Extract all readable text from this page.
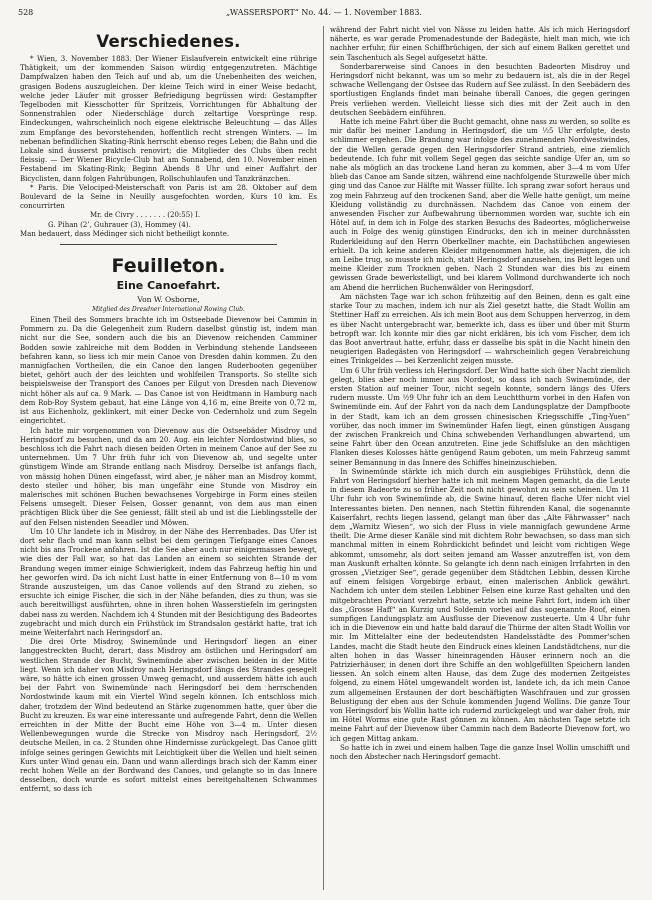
528	„WASSERSPORT“ No. 44. — 1. November 1883.
Verschiedenes.

* Wien, 3. November 1883. Der Wiener Eislaufverein entwickelt eine rührige Thätigkeit, um der kommenden Saison würdig entgegenzutreten. Mächtige Dampfwalzen haben den Teich auf und ab, um die Unebenheiten des weichen, grasigen Bodens auszugleichen. Der kleine Teich wird in einer Weise bedacht, welche jeder Läufer mit grosser Befriedigung begrüssen wird: Gestampfter Tegelboden mit Kiesschotter für Spritzeis, Vorrichtungen für Abhaltung der Sonnenstrahlen oder Niederschläge durch zeltartige Vorsprünge resp. Eindeckungen, wahrscheinlich noch eigene elektrische Beleuchtung — das Alles zum Empfange des bevorstehenden, hoffentlich recht strengen Winters. — Im nebenan befindlichen Skating-Rink herrscht ebenso reges Leben; die Bahn und die Lokale sind äusserst praktisch renovirt; die Mitglieder des Clubs üben recht fleissig. — Der Wiener Bicycle-Club hat am Sonnabend, den 10. November einen Festabend im Skating-Rink; Beginn Abends 8 Uhr und einer Auffahrt der Bicyclisten, dann folgen Fahrübungen, Rollschuhlaufen und Tanzkränzchen.

* Paris. Die Velociped-Meisterschaft von Paris ist am 28. Oktober auf dem Boulevard de la Seine in Neuilly ausgefochten worden, Kurs 10 km. Es concurrirten

Mr. de Civry . . . . . . . (20:55) I.
G. Pihan (2’, Guhrauer (3), Hommey (4).

Man bedauert, dass Médinger sich nicht betheiligt konnte.

Feuilleton.
Eine Canoefahrt.
Von W. Osborne,
Mitglied des Dresdner International Rowing Club.

Einen Theil des Sommers brachte ich im Ostseebade Dievenow bei Cammin in Pommern zu. Da die Gelegenheit zum Rudern daselbst günstig ist, indem man nicht nur die See, sondern auch die bis an Dievenow reichenden Camminer Bodden sowie zahlreiche mit dem Bodden in Verbindung stehende Landseeen befahren kann, so liess ich mir mein Canoe von Dresden dahin kommen. Zu den mannigfachen Vortheilen, die ein Canoe den langen Ruderbooten gegenüber bietet, gehört auch der des leichten und wohlfeilen Transports. So stellte sich beispielsweise der Transport des Canoes per Eilgut von Dresden nach Dievenow nicht höher als auf ca. 9 Mark. — Das Canoe ist von Heidtmann in Hamburg nach dem Rob-Roy System gebaut, hat eine Länge von 4,16 m, eine Breite von 0,72 m, ist aus Eichenholz, geklinkert, mit einer Decke von Cedernholz und zum Segeln eingerichtet.

Ich hatte mir vorgenommen von Dievenow aus die Ostseebäder Misdroy und Heringsdorf zu besuchen, und da am 20. Aug. ein leichter Nordostwind blies, so beschloss ich die Fahrt nach diesen beiden Orten in meinem Canoe auf der See zu unternehmen. Um 7 Uhr früh fuhr ich von Dievenow ab, und segelte unter günstigem Winde am Strande entlang nach Misdroy. Derselbe ist anfangs flach, von mässig hohen Dünen eingefasst, wird aber, je näher man an Misdroy kommt, desto steiler und höher, bis man ungefähr eine Stunde von Misdroy ein malerisches mit schönen Buchen bewachsenes Vorgebirge in Form eines steilen Felsens umsegelt. Dieser Felsen, Gosser genannt, von dem aus man einen prächtigen Blick über die See geniesst, fällt steil ab und ist die Lieblingsstelle der auf den Felsen nistenden Seeadler und Möwen.

Um 10 Uhr landete ich in Misdroy, in der Nähe des Herrenbades. Das Ufer ist dort sehr flach und man kann selbst bei dem geringen Tiefgange eines Canoes nicht bis ans Trockene anfahren. Ist die See aber auch nur einigermassen bewegt, wie dies der Fall war, so hat das Landen an einem so seichten Strande der Brandung wegen immer einige Schwierigkeit, indem das Fahrzeug heftig hin und her geworfen wird. Da ich nicht Lust hatte in einer Entfernung von 8—10 m vom Strande auszusteigen, um das Canoe vollends auf den Strand zu ziehen, so ersuchte ich einige Fischer, die sich in der Nähe befanden, dies zu thun, was sie auch bereitwilligst ausführten, ohne in ihren hohen Wasserstiefeln im geringsten dabei nass zu werden. Nachdem ich 4 Stunden mit der Besichtigung des Badeortes zugebracht und mich durch ein Frühstück im Strandsalon gestärkt hatte, trat ich meine Weiterfahrt nach Heringsdorf an.

Die drei Orte Misdroy, Swinemünde und Heringsdorf liegen an einer langgestreckten Bucht, derart, dass Misdroy am östlichen und Heringsdorf am westlichen Strande der Bucht, Swinemünde aber zwischen beiden in der Mitte liegt. Wenn ich daher von Misdroy nach Heringsdorf längs des Strandes gesegelt wäre, so hätte ich einen grossen Umweg gemacht, und ausserdem hätte ich auch bei der Fahrt von Swinemünde nach Heringsdorf bei dem herrschenden Nordostwinde kaum mit ein Viertel Wind segeln können. Ich entschloss mich daher, trotzdem der Wind bedeutend an Stärke zugenommen hatte, quer über die Bucht zu kreuzen. Es war eine interessante und aufregende Fahrt, denn die Wellen erreichten in der Mitte der Bucht eine Höhe von 3—4 m. Unter diesen Wellenbewegungen wurde die Strecke von Misdroy nach Heringsdorf, 2½ deutsche Meilen, in ca. 2 Stunden ohne Hindernisse zurückgelegt. Das Canoe glitt infolge seines geringen Gewichts mit Leichtigkeit über die Wellen und hielt seinen Kurs unter Wind genau ein. Dann und wann allerdings brach sich der Kamm einer recht hohen Welle an der Bordwand des Canoes, und gelangte so in das Innere desselben, doch wurde es sofort mittelst eines bereitgehaltenen Schwammes entfernt, so dass ich

während der Fahrt nicht viel von Nässe zu leiden hatte. Als ich mich Heringsdorf näherte, es war gerade Promenadestunde der Badegäste, hielt man mich, wie ich nachher erfuhr, für einen Schiffbrüchigen, der sich auf einem Balken gerettet und sein Taschentuch als Segel aufgesetzt hätte.

Sonderbarerweise sind Canoes in den besuchten Badeorten Misdroy und Heringsdorf nicht bekannt, was um so mehr zu bedauern ist, als die in der Regel schwache Wellengang der Ostsee das Rudern auf See zulässt. In den Seebädern des sportlustigen Englands findet man beinahe überall Canoes, die gegen geringen Preis verliehen werden. Vielleicht liesse sich dies mit der Zeit auch in den deutschen Seebädern einführen.

Hatte ich meine Fahrt über die Bucht gemacht, ohne nass zu werden, so sollte es mir dafür bei meiner Landung in Heringsdorf, die um ½5 Uhr erfolgte, desto schlimmer ergehen. Die Brandung war infolge des zunehmenden Nordwestwindes, der die Wellen gerade gegen den Heringsdorfer Strand antrieb, eine ziemlich bedeutende. Ich fuhr mit vollem Segel gegen das seichte sandige Ufer an, um so nahe als möglich an das trockene Land heran zu kommen, aber 3—4 m vom Ufer blieb das Canoe am Sande sitzen, während eine nachfolgende Sturzwelle über mich ging und das Canoe zur Hälfte mit Wasser füllte. Ich sprang zwar sofort heraus und zog mein Fahrzeug auf den trockenen Sand, aber die Welle hatte genügt, um meine Kleidung vollständig zu durchnässen. Nachdem das Canoe von einem der anwesenden Fischer zur Aufbewahrung übernommen worden war, suchte ich ein Hôtel auf, in dem ich in Folge des starken Besuchs des Badeortes, möglicherweise auch in Folge des wenig günstigen Eindrucks, den ich in meiner durchnässten Ruderkleidung auf den Herrn Oberkellner machte, ein Dachstübchen angewiesen erhielt. Da ich keine anderen Kleider mitgenommen hatte, als diejenigen, die ich am Leibe trug, so musste ich mich, statt Heringsdorf anzusehen, ins Bett legen und meine Kleider zum Trocknen geben. Nach 2 Stunden war dies bis zu einem gewissen Grade bewerkstelligt, und bei klarem Vollmond durchwanderte ich noch am Abend die herrlichen Buchenwälder von Heringsdorf.

Am nächsten Tage war ich schon frühzeitig auf den Beinen, denn es galt eine starke Tour zu machen, indem ich nur als Ziel gesetzt hatte, die Stadt Wollin am Stettiner Haff zu erreichen. Als ich mein Boot aus dem Schuppen herverzog, in dem es über Nacht untergebracht war, bemerkte ich, dass es über und über mit Sturm betropft war. Ich konnte mir dies gar nicht erklären, bis ich vom Fischer, dem ich das Boot anvertraut hatte, erfuhr, dass er dasselbe bis spät in die Nacht hinein den neugierigen Badegästen von Heringsdorf — wahrscheinlich gegen Verabreichung eines Trinkgeldes — bei Kerzenlicht zeigen musste.

Um 6 Uhr früh verliess ich Heringsdorf. Der Wind hatte sich über Nacht ziemlich gelegt, blies aber noch immer aus Nordost, so dass ich nach Swinemünde, der ersten Station auf meiner Tour, nicht segeln konnte, sondern längs des Ufers rudern musste. Um ½9 Uhr fuhr ich an dem Leuchtthurm vorbei in den Hafen von Swinemünde ein. Auf der Fahrt von da nach dem Landungsplatze der Dampfboote in der Stadt, kam ich an dem grossen chinesischen Kriegsschiffe „Ting-Yuen“ vorüber, das noch immer im Swinemünder Hafen liegt, einen günstigen Ausgang der zwischen Frankreich und China schwebenden Verhandlungen abwartend, um seine Fahrt über den Ocean anzutreten. Eine jede Schiffsluke an den mächtigen Flanken dieses Kolosses hätte genügend Raum geboten, um mein Fahrzeug sammt seiner Bemannung in das Innere des Schiffes hineinzuschieben.

In Swinemünde stärkte ich mich durch ein ausgiebiges Frühstück, denn die Fahrt von Heringsdorf hierher hatte ich mit meinem Magen gemacht, da die Leute in diesem Badeorte zu so früher Zeit noch nicht gewohnt zu sein scheinen. Um 11 Uhr fuhr ich von Swinemünde ab, die Swine hinauf, deren flache Ufer nicht viel Interessantes bieten. Den nennen, nach Stettin führenden Kanal, die sogenannte Kaiserfahrt, rechts liegen lassend, gelangt man über das „Alte Fährwasser“ nach dem „Warnitz Wiesen“, wo sich der Fluss in viele mannigfach gewundene Arme theilt. Die Arme dieser Kanäle sind mit dichtem Rohr bewachsen, so dass man sich manchmal mitten in einem Rohrdickicht befindet und leicht vom richtigen Wege abkommt, umsomehr, als dort seiten jemand am Wasser anzutreffen ist, von dem man Auskunft erhalten könnte. So gelangte ich denn nach einigen Irrfahrten in den grossen „Vietziger See“, gerade gegenüber dem Städtchen Lebbin, dessen Kirche auf einem felsigen Vorgebirge erbaut, einen malerischen Anblick gewährt. Nachdem ich unter dem steilen Lebbiner Felsen eine kurze Rast gehalten und den mitgebrachten Proviant verzehrt hatte, setzte ich meine Fahrt fort, indem ich über das „Grosse Haff“ an Kurzig und Soldemin vorbei auf das sogenannte Roof, einen sumpfigen Landungsplatz am Ausflusse der Dievenow zusteuerte. Um 4 Uhr fuhr ich in die Dievenow ein und hatte bald darauf die Thürme der alten Stadt Wollin vor mir. Im Mittelalter eine der bedeutendsten Handelsstädte des Pommer'schen Landes, macht die Stadt heute den Eindruck eines kleinen Landstädtchens, nur die alten hohen in das Wasser hineinragenden Häuser erinnern noch an die Patrizierhäuser, in denen dort ihre Schiffe an den wohlgefüllten Speichern landen liessen. An solch einem alten Hause, das dem Zuge des modernen Zeitgeistes folgend, zu einem Hôtel umgewandelt worden ist, landete ich, da ich mein Canoe zum allgemeinen Erstaunen der dort beschäftigten Waschfrauen und zur grossen Belustigung der eben aus der Schule kommenden Jugend Wollins. Die ganze Tour von Heringsdorf bis Wollin hatte ich rudernd zurückgelegt und war daher froh, mir im Hôtel Worms eine gute Rast gönnen zu können. Am nächsten Tage setzte ich meine Fahrt auf der Dievenow über Cammin nach dem Badeorte Dievenow fort, wo ich gegen Mittag ankam.

So hatte ich in zwei und einem halben Tage die ganze Insel Wollin umschifft und noch den Abstecher nach Heringsdorf gemacht.
